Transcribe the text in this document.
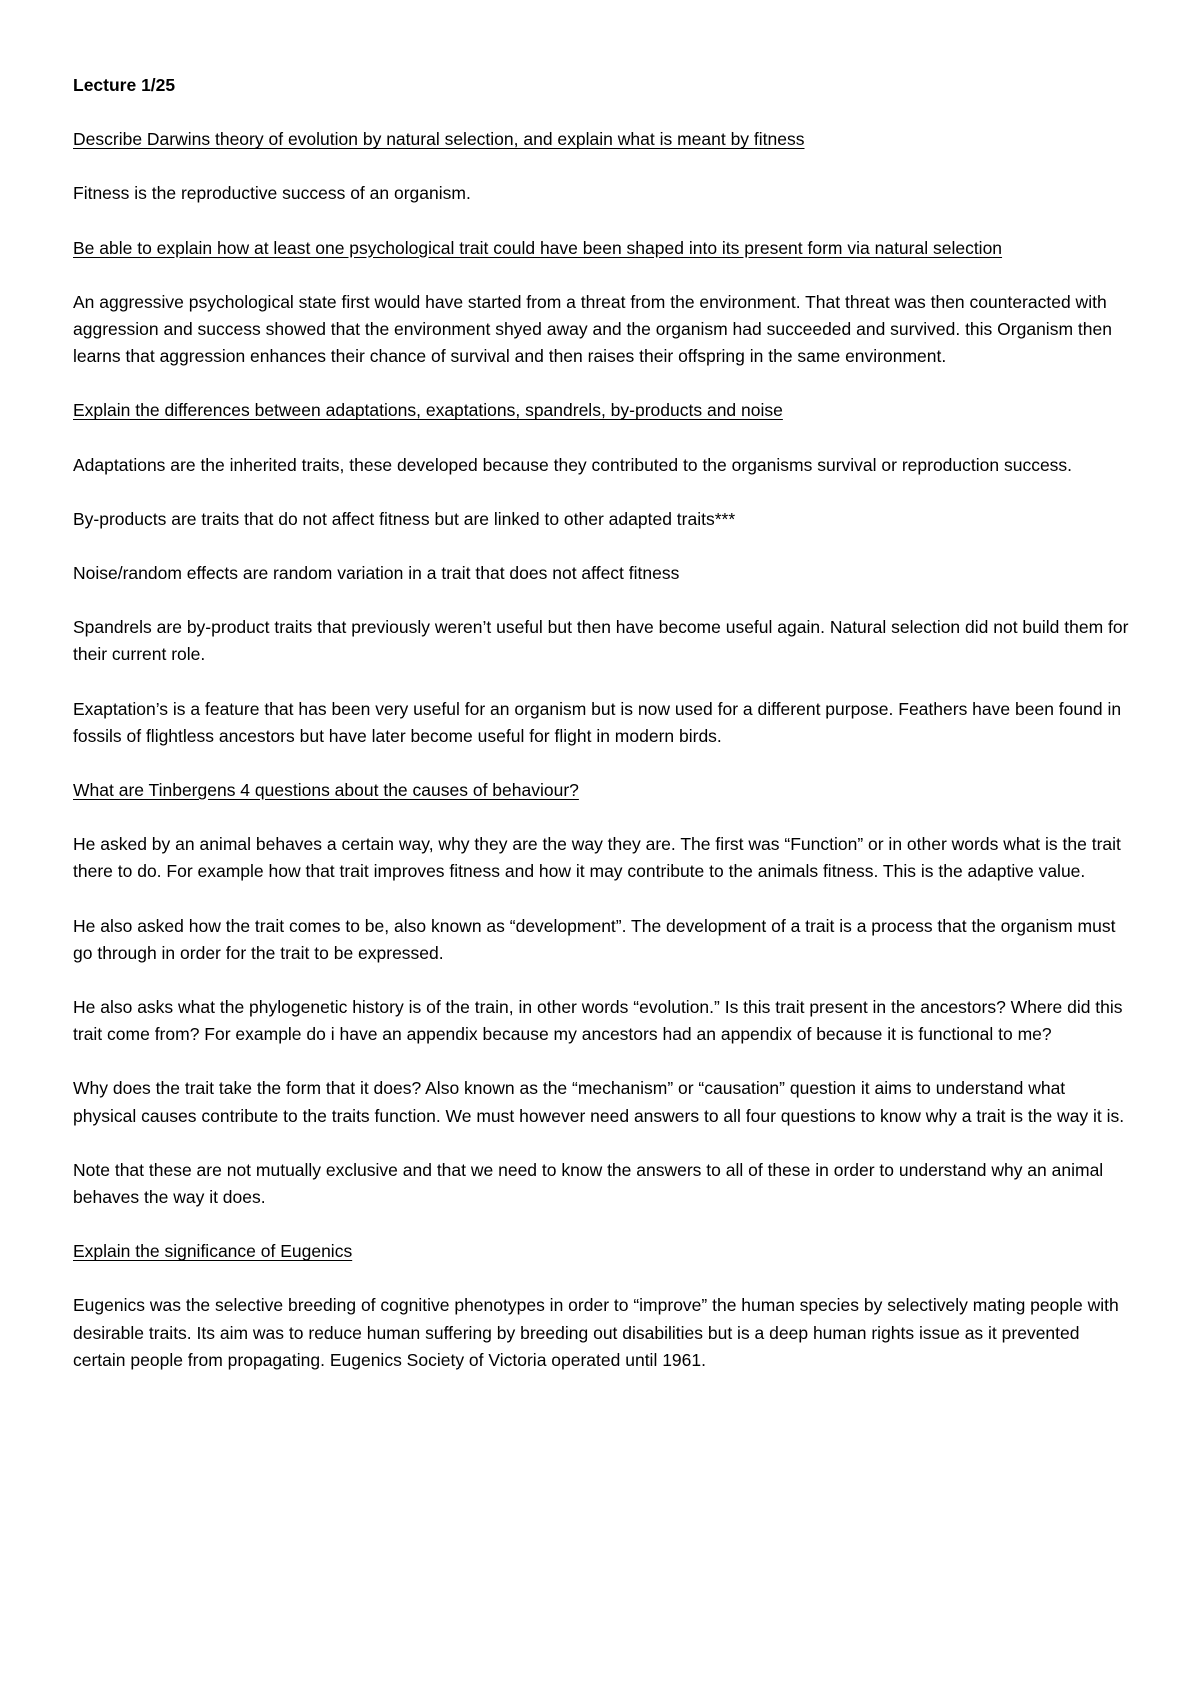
Lecture 1/25
Describe Darwins theory of evolution by natural selection, and explain what is meant by fitness
Fitness is the reproductive success of an organism.
Be able to explain how at least one psychological trait could have been shaped into its present form via natural selection
An aggressive psychological state first would have started from a threat from the environment. That threat was then counteracted with aggression and success showed that the environment shyed away and the organism had succeeded and survived. this Organism then learns that aggression enhances their chance of survival and then raises their offspring in the same environment.
Explain the differences between adaptations, exaptations, spandrels, by-products and noise
Adaptations are the inherited traits, these developed because they contributed to the organisms survival or reproduction success.
By-products are traits that do not affect fitness but are linked to other adapted traits***
Noise/random effects are random variation in a trait that does not affect fitness
Spandrels are by-product traits that previously weren’t useful but then have become useful again. Natural selection did not build them for their current role.
Exaptation’s is a feature that has been very useful for an organism but is now used for a different purpose. Feathers have been found in fossils of flightless ancestors but have later become useful for flight in modern birds.
What are Tinbergens 4 questions about the causes of behaviour?
He asked by an animal behaves a certain way, why they are the way they are. The first was “Function” or in other words what is the trait there to do. For example how that trait improves fitness and how it may contribute to the animals fitness. This is the adaptive value.
He also asked how the trait comes to be, also known as “development”. The development of a trait is a process that the organism must go through in order for the trait to be expressed.
He also asks what the phylogenetic history is of the train, in other words “evolution.” Is this trait present in the ancestors? Where did this trait come from? For example do i have an appendix because my ancestors had an appendix of because it is functional to me?
Why does the trait take the form that it does? Also known as the “mechanism” or “causation” question it aims to understand what physical causes contribute to the traits function. We must however need answers to all four questions to know why a trait is the way it is.
Note that these are not mutually exclusive and that we need to know the answers to all of these in order to understand why an animal behaves the way it does.
Explain the significance of Eugenics
Eugenics was the selective breeding of cognitive phenotypes in order to “improve” the human species by selectively mating people with desirable traits. Its aim was to reduce human suffering by breeding out disabilities but is a deep human rights issue as it prevented certain people from propagating. Eugenics Society of Victoria operated until 1961.
